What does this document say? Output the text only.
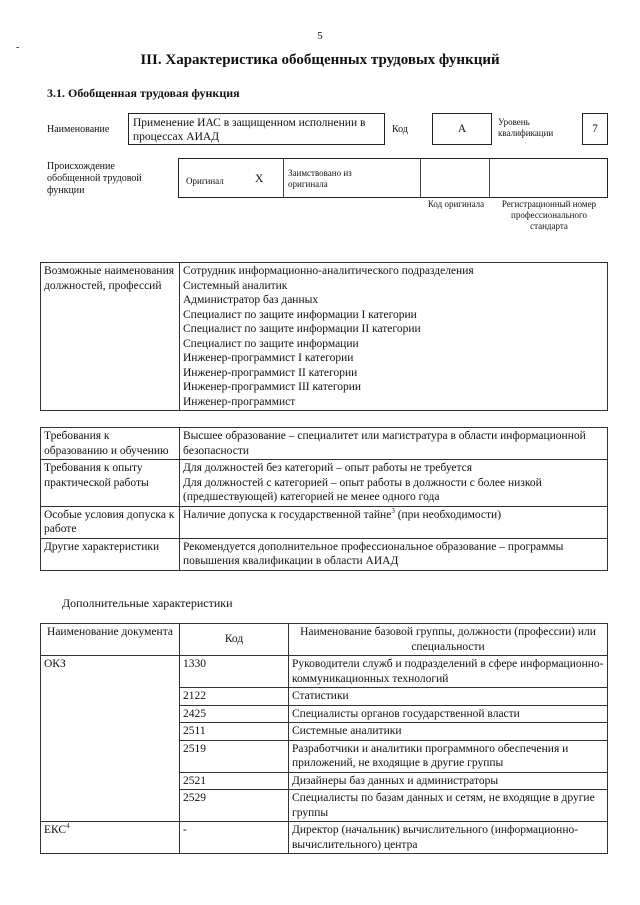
5
-
III. Характеристика обобщенных трудовых функций
3.1. Обобщенная трудовая функция
Наименование
Применение ИАС в защищенном исполнении в процессах АИАД
Код	А
Уровень квалификации	7
Происхождение обобщенной трудовой функции
Оригинал	X	Заимствовано из оригинала
Код оригинала	Регистрационный номер профессионального стандарта
Возможные наименования должностей, профессий	
Сотрудник информационно-аналитического подразделения
Системный аналитик
Администратор баз данных
Специалист по защите информации I категории
Специалист по защите информации II категории
Специалист по защите информации
Инженер-программист I категории
Инженер-программист II категории
Инженер-программист III категории
Инженер-программист
Требования к образованию и обучению	Высшее образование – специалитет или магистратура в области информационной безопасности

Требования к опыту практической работы	Для должностей без категорий – опыт работы не требуется
Для должностей с категорией – опыт работы в должности с более низкой (предшествующей) категорией не менее одного года

Особые условия допуска к работе	Наличие допуска к государственной тайне$^3$ (при необходимости)
Другие характеристики	Рекомендуется дополнительное профессиональное образование – программы повышения квалификации в области АИАД
Дополнительные характеристики
Наименование документа	Код	Наименование базовой группы, должности (профессии) или специальности
ОКЗ	1330	Руководители служб и подразделений в сфере информационно-коммуникационных технологий
	2122	Статистики
	2425	Специалисты органов государственной власти
	2511	Системные аналитики
	2519	Разработчики и аналитики программного обеспечения и приложений, не входящие в другие группы
	2521	Дизайнеры баз данных и администраторы
	2529	Специалисты по базам данных и сетям, не входящие в другие группы
ЕКС$^4$	-	Директор (начальник) вычислительного (информационно-вычислительного) центра
